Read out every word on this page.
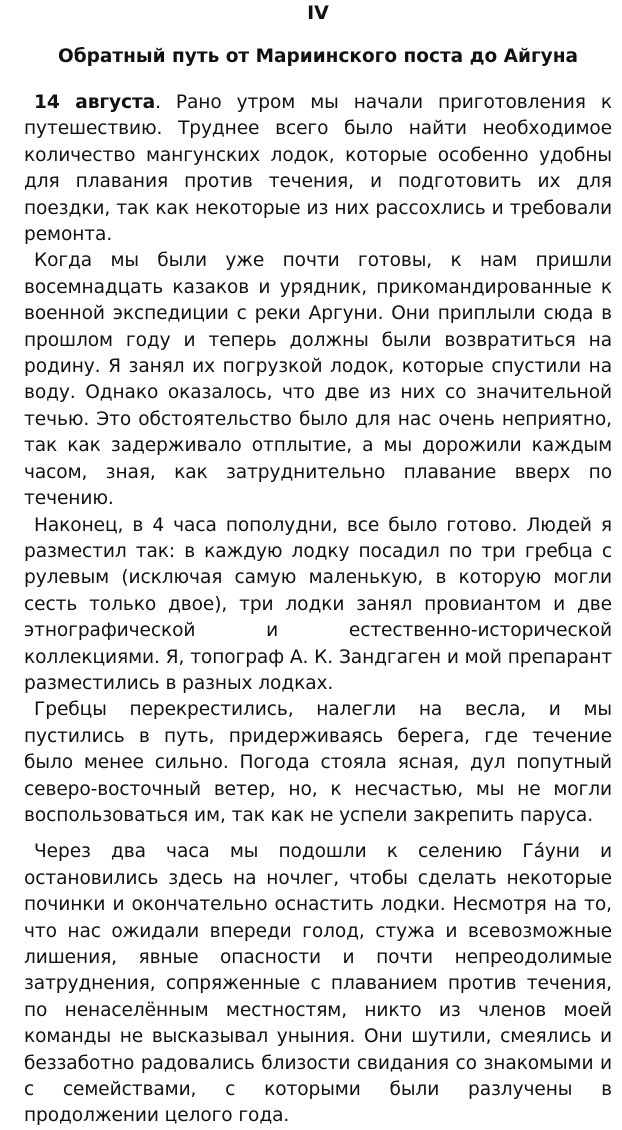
IV
Обратный путь от Мариинского поста до Айгуна

14 августа. Рано утром мы начали приготовления к путешествию. Труднее всего было найти необходимое количество мангунских лодок, которые особенно удобны для плавания против течения, и подготовить их для поездки, так как некоторые из них рассохлись и требовали ремонта.

Когда мы были уже почти готовы, к нам пришли восемнадцать казаков и урядник, прикомандированные к военной экспедиции с реки Аргуни. Они приплыли сюда в прошлом году и теперь должны были возвратиться на родину. Я занял их погрузкой лодок, которые спустили на воду. Однако оказалось, что две из них со значительной течью. Это обстоятельство было для нас очень неприятно, так как задерживало отплытие, а мы дорожили каждым часом, зная, как затруднительно плавание вверх по течению.

Наконец, в 4 часа пополудни, все было готово. Людей я разместил так: в каждую лодку посадил по три гребца с рулевым (исключая самую маленькую, в которую могли сесть только двое), три лодки занял провиантом и две этнографической и естественно-исторической коллекциями. Я, топограф А. К. Зандгаген и мой препарант разместились в разных лодках.

Гребцы перекрестились, налегли на весла, и мы пустились в путь, придерживаясь берега, где течение было менее сильно. Погода стояла ясная, дул попутный северо-восточный ветер, но, к несчастью, мы не могли воспользоваться им, так как не успели закрепить паруса.

Через два часа мы подошли к селению Гáуни и остановились здесь на ночлег, чтобы сделать некоторые починки и окончательно оснастить лодки. Несмотря на то, что нас ожидали впереди голод, стужа и всевозможные лишения, явные опасности и почти непреодолимые затруднения, сопряженные с плаванием против течения, по ненаселённым местностям, никто из членов моей команды не высказывал уныния. Они шутили, смеялись и беззаботно радовались близости свидания со знакомыми и с семействами, с которыми были разлучены в продолжении целого года.
